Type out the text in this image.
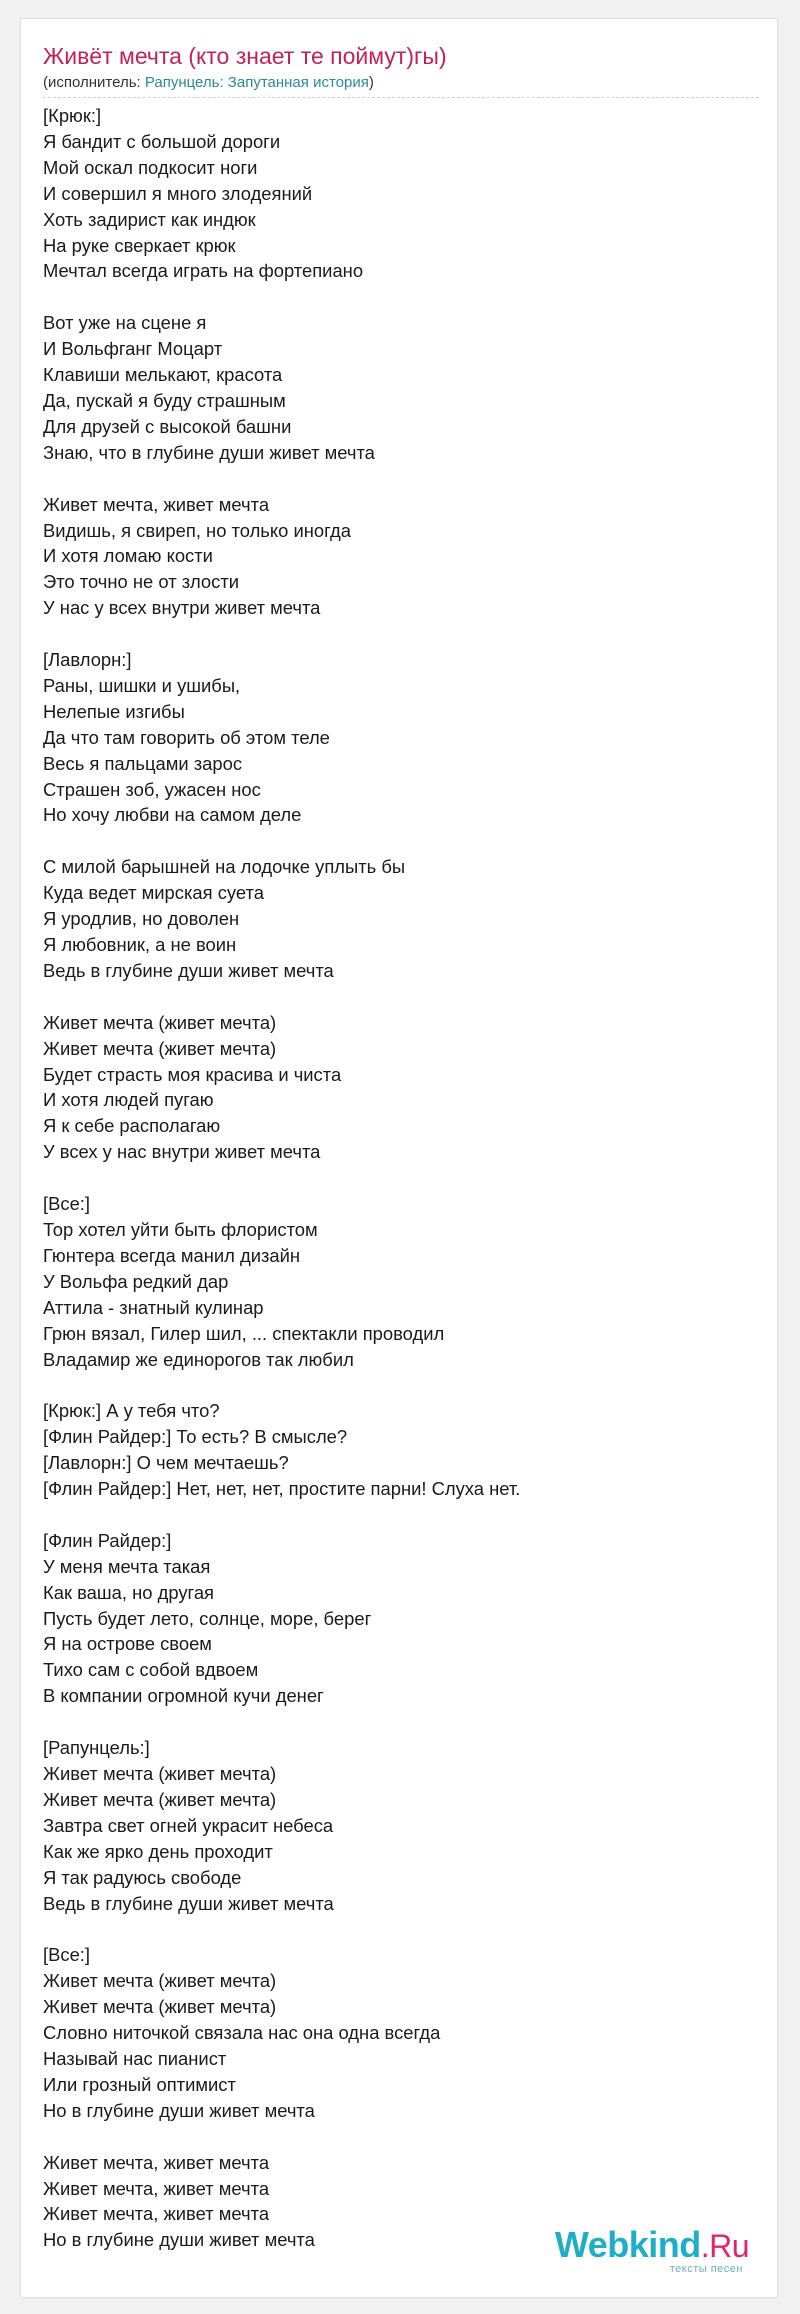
Живёт мечта (кто знает те поймут)гы)
(исполнитель: Рапунцель: Запутанная история)
[Крюк:]
Я бандит с большой дороги
Мой оскал подкосит ноги
И совершил я много злодеяний
Хоть задирист как индюк
На руке сверкает крюк
Мечтал всегда играть на фортепиано

Вот уже на сцене я
И Вольфганг Моцарт
Клавиши мелькают, красота
Да, пускай я буду страшным
Для друзей с высокой башни
Знаю, что в глубине души живет мечта

Живет мечта, живет мечта
Видишь, я свиреп, но только иногда
И хотя ломаю кости
Это точно не от злости
У нас у всех внутри живет мечта

[Лавлорн:]
Раны, шишки и ушибы,
Нелепые изгибы
Да что там говорить об этом теле
Весь я пальцами зарос
Страшен зоб, ужасен нос
Но хочу любви на самом деле

С милой барышней на лодочке уплыть бы
Куда ведет мирская суета
Я уродлив, но доволен
Я любовник, а не воин
Ведь в глубине души живет мечта

Живет мечта (живет мечта)
Живет мечта (живет мечта)
Будет страсть моя красива и чиста
И хотя людей пугаю
Я к себе располагаю
У всех у нас внутри живет мечта

[Все:]
Тор хотел уйти быть флористом
Гюнтера всегда манил дизайн
У Вольфа редкий дар
Аттила - знатный кулинар
Грюн вязал, Гилер шил, ... спектакли проводил
Владамир же единорогов так любил

[Крюк:] А у тебя что?
[Флин Райдер:] То есть? В смысле?
[Лавлорн:] О чем мечтаешь?
[Флин Райдер:] Нет, нет, нет, простите парни! Слуха нет.

[Флин Райдер:]
У меня мечта такая
Как ваша, но другая
Пусть будет лето, солнце, море, берег
Я на острове своем
Тихо сам с собой вдвоем
В компании огромной кучи денег

[Рапунцель:]
Живет мечта (живет мечта)
Живет мечта (живет мечта)
Завтра свет огней украсит небеса
Как же ярко день проходит
Я так радуюсь свободе
Ведь в глубине души живет мечта

[Все:]
Живет мечта (живет мечта)
Живет мечта (живет мечта)
Словно ниточкой связала нас она одна всегда
Называй нас пианист
Или грозный оптимист
Но в глубине души живет мечта

Живет мечта, живет мечта
Живет мечта, живет мечта
Живет мечта, живет мечта
Но в глубине души живет мечта	Webkind.Ru
тексты песен
